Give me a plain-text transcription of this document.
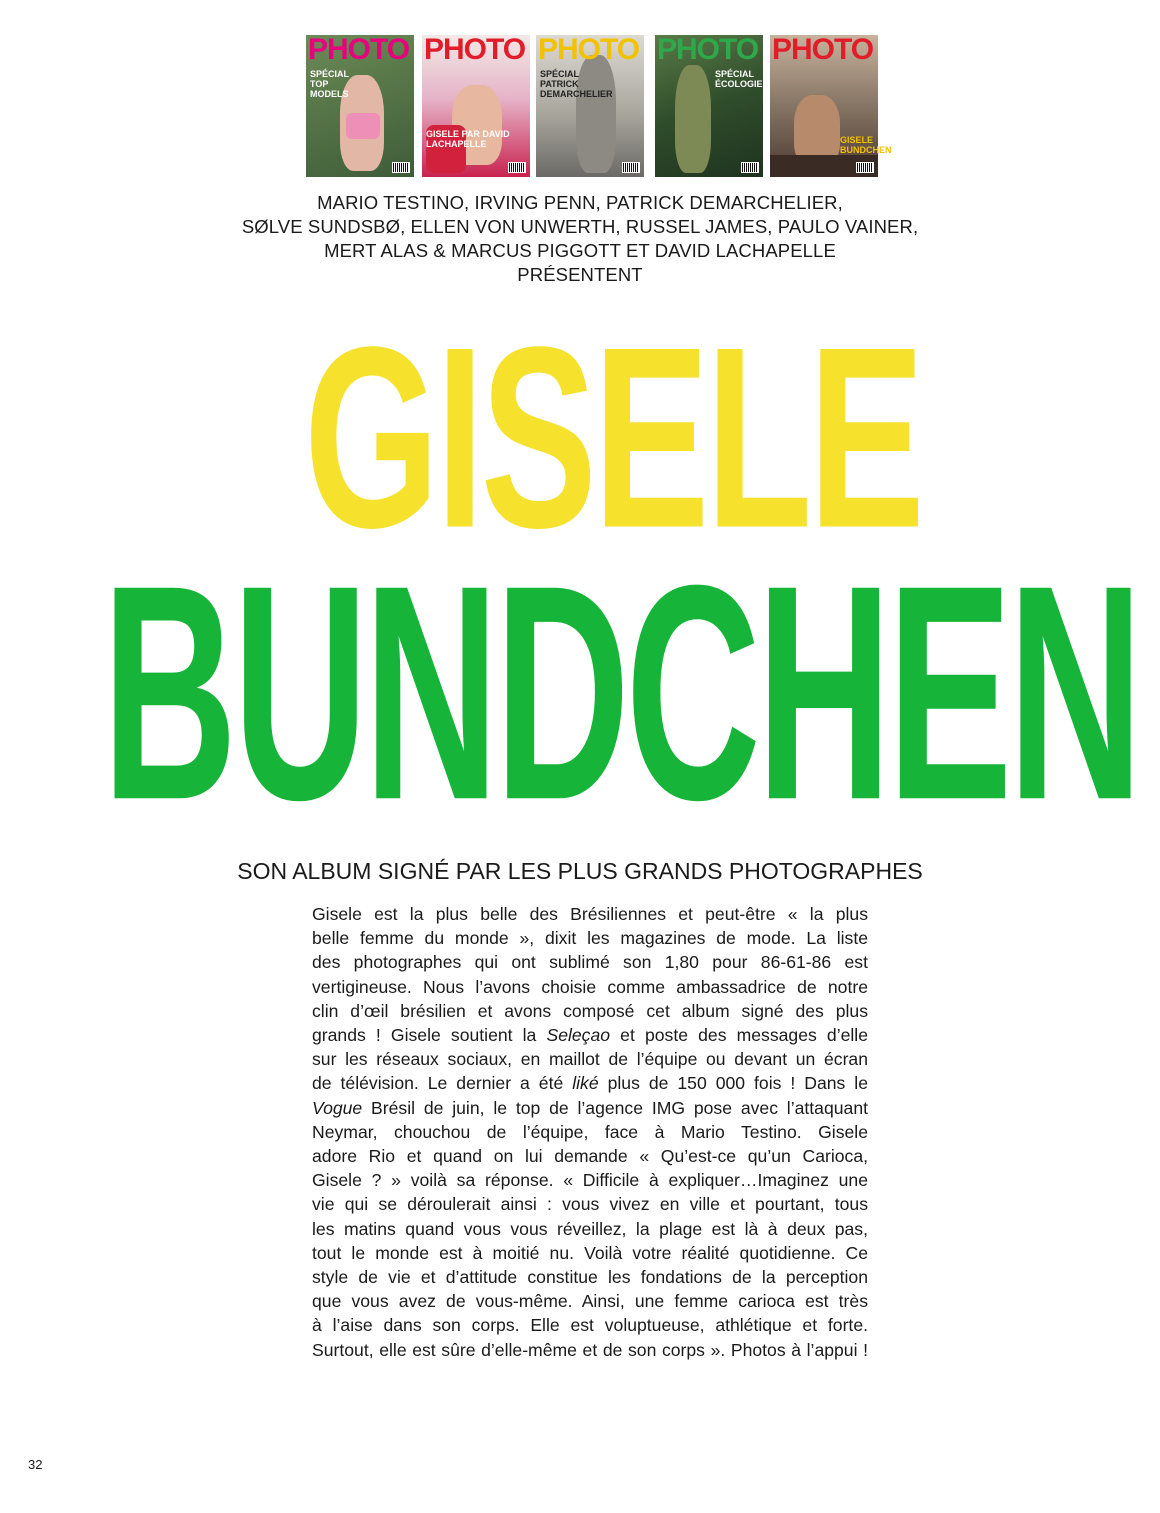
PHOTO
SPÉCIAL TOP MODELS
PHOTO
GISELE PAR DAVID LACHAPELLE
PHOTO
SPÉCIAL PATRICK DEMARCHELIER
PHOTO
SPÉCIAL ÉCOLOGIE
PHOTO
GISELE BUNDCHEN
MARIO TESTINO, IRVING PENN, PATRICK DEMARCHELIER,
SØLVE SUNDSBØ, ELLEN VON UNWERTH, RUSSEL JAMES, PAULO VAINER,
MERT ALAS & MARCUS PIGGOTT ET DAVID LACHAPELLE
PRÉSENTENT
GISELE
BUNDCHEN
SON ALBUM SIGNÉ PAR LES PLUS GRANDS PHOTOGRAPHES
Gisele est la plus belle des Brésiliennes et peut-être « la plus
belle femme du monde », dixit les magazines de mode. La liste
des photographes qui ont sublimé son 1,80 pour 86-61-86 est
vertigineuse. Nous l’avons choisie comme ambassadrice de notre
clin d’œil brésilien et avons composé cet album signé des plus
grands ! Gisele soutient la Seleçao et poste des messages d’elle
sur les réseaux sociaux, en maillot de l’équipe ou devant un écran
de télévision. Le dernier a été liké plus de 150 000 fois ! Dans le
Vogue Brésil de juin, le top de l’agence IMG pose avec l’attaquant
Neymar, chouchou de l’équipe, face à Mario Testino. Gisele
adore Rio et quand on lui demande « Qu’est-ce qu’un Carioca,
Gisele ? » voilà sa réponse. « Difficile à expliquer…Imaginez une
vie qui se déroulerait ainsi : vous vivez en ville et pourtant, tous
les matins quand vous vous réveillez, la plage est là à deux pas,
tout le monde est à moitié nu. Voilà votre réalité quotidienne. Ce
style de vie et d’attitude constitue les fondations de la perception
que vous avez de vous-même. Ainsi, une femme carioca est très
à l’aise dans son corps. Elle est voluptueuse, athlétique et forte.
Surtout, elle est sûre d’elle-même et de son corps ». Photos à l’appui !
32
